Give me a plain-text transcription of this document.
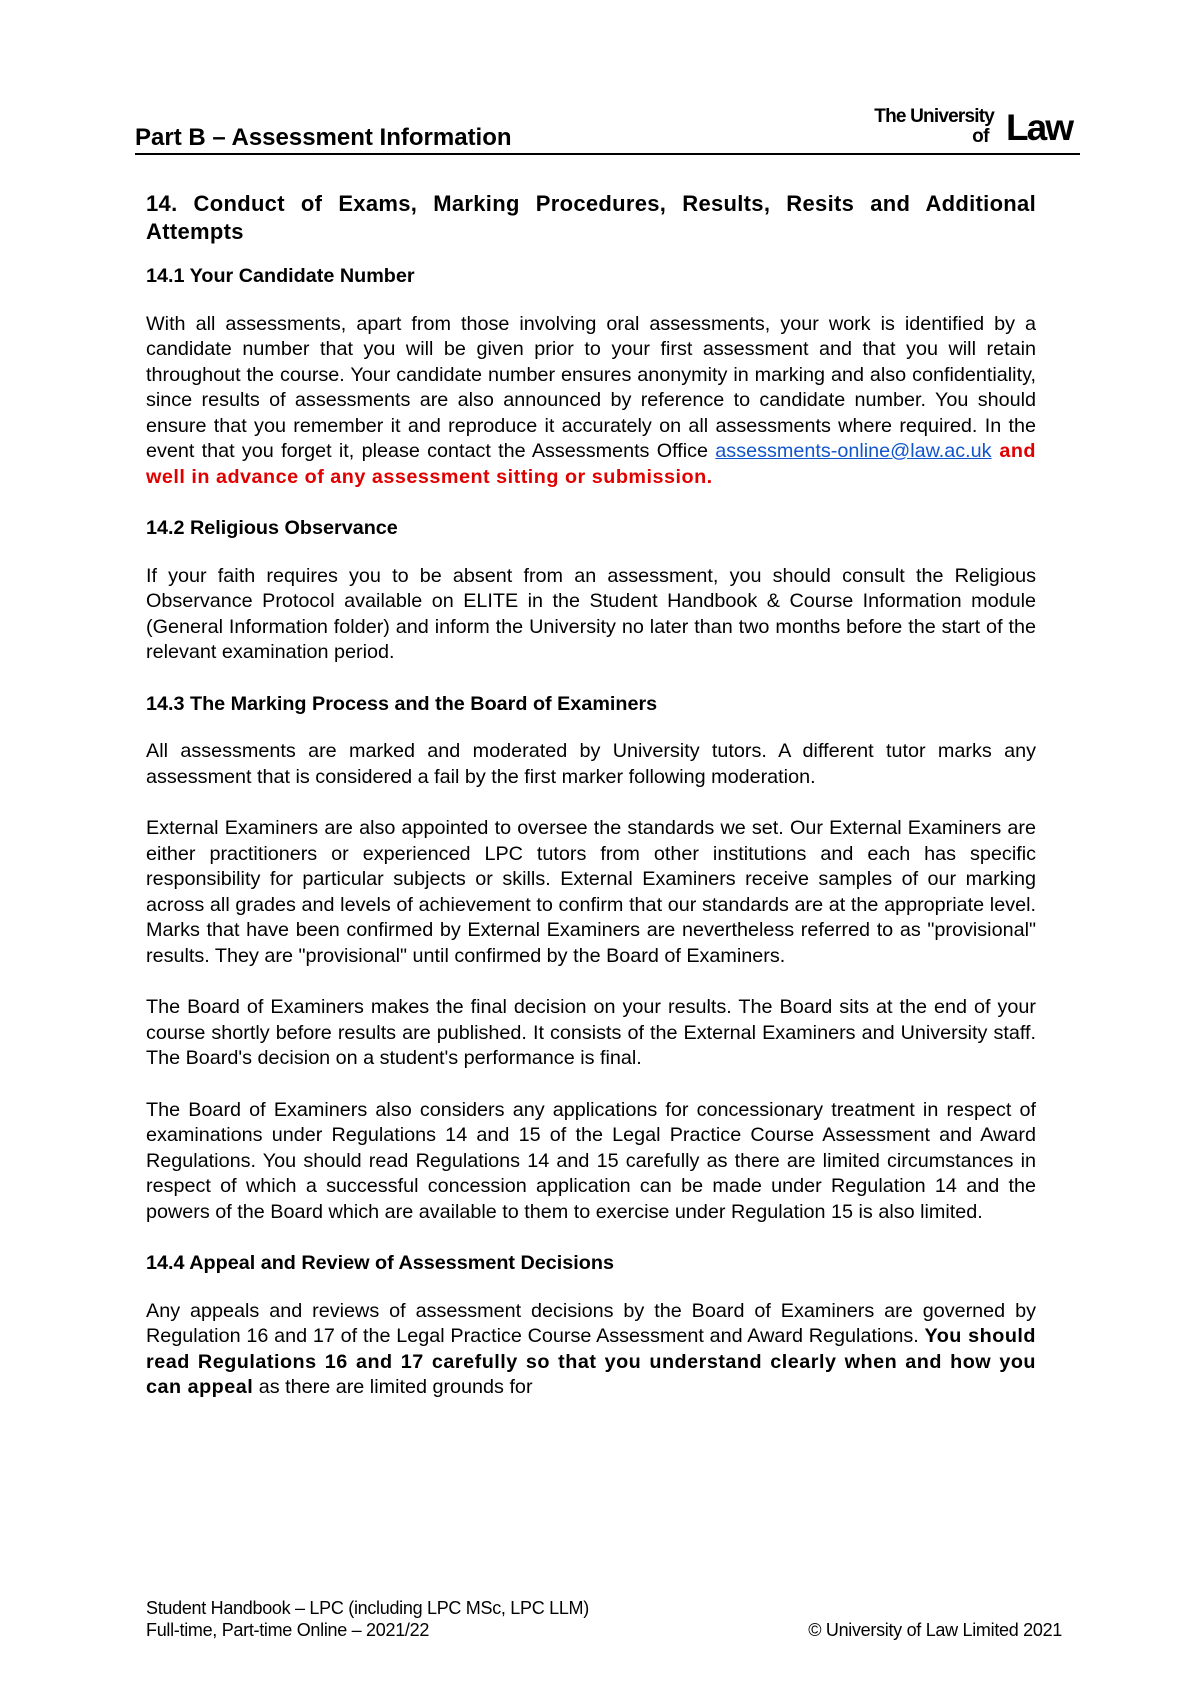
Part B – Assessment Information
The University
of Law
14. Conduct of Exams, Marking Procedures, Results, Resits and Additional Attempts
14.1 Your Candidate Number

With all assessments, apart from those involving oral assessments, your work is identified by a candidate number that you will be given prior to your first assessment and that you will retain throughout the course. Your candidate number ensures anonymity in marking and also confidentiality, since results of assessments are also announced by reference to candidate number. You should ensure that you remember it and reproduce it accurately on all assessments where required. In the event that you forget it, please contact the Assessments Office assessments-online@law.ac.uk and well in advance of any assessment sitting or submission.

14.2 Religious Observance

If your faith requires you to be absent from an assessment, you should consult the Religious Observance Protocol available on ELITE in the Student Handbook & Course Information module (General Information folder) and inform the University no later than two months before the start of the relevant examination period.

14.3 The Marking Process and the Board of Examiners

All assessments are marked and moderated by University tutors. A different tutor marks any assessment that is considered a fail by the first marker following moderation.

External Examiners are also appointed to oversee the standards we set. Our External Examiners are either practitioners or experienced LPC tutors from other institutions and each has specific responsibility for particular subjects or skills. External Examiners receive samples of our marking across all grades and levels of achievement to confirm that our standards are at the appropriate level. Marks that have been confirmed by External Examiners are nevertheless referred to as "provisional" results. They are "provisional" until confirmed by the Board of Examiners.

The Board of Examiners makes the final decision on your results. The Board sits at the end of your course shortly before results are published. It consists of the External Examiners and University staff. The Board's decision on a student's performance is final.

The Board of Examiners also considers any applications for concessionary treatment in respect of examinations under Regulations 14 and 15 of the Legal Practice Course Assessment and Award Regulations. You should read Regulations 14 and 15 carefully as there are limited circumstances in respect of which a successful concession application can be made under Regulation 14 and the powers of the Board which are available to them to exercise under Regulation 15 is also limited.

14.4 Appeal and Review of Assessment Decisions

Any appeals and reviews of assessment decisions by the Board of Examiners are governed by Regulation 16 and 17 of the Legal Practice Course Assessment and Award Regulations. You should read Regulations 16 and 17 carefully so that you understand clearly when and how you can appeal as there are limited grounds for

Student Handbook – LPC (including LPC MSc, LPC LLM)
Full-time, Part-time Online – 2021/22	© University of Law Limited 2021
